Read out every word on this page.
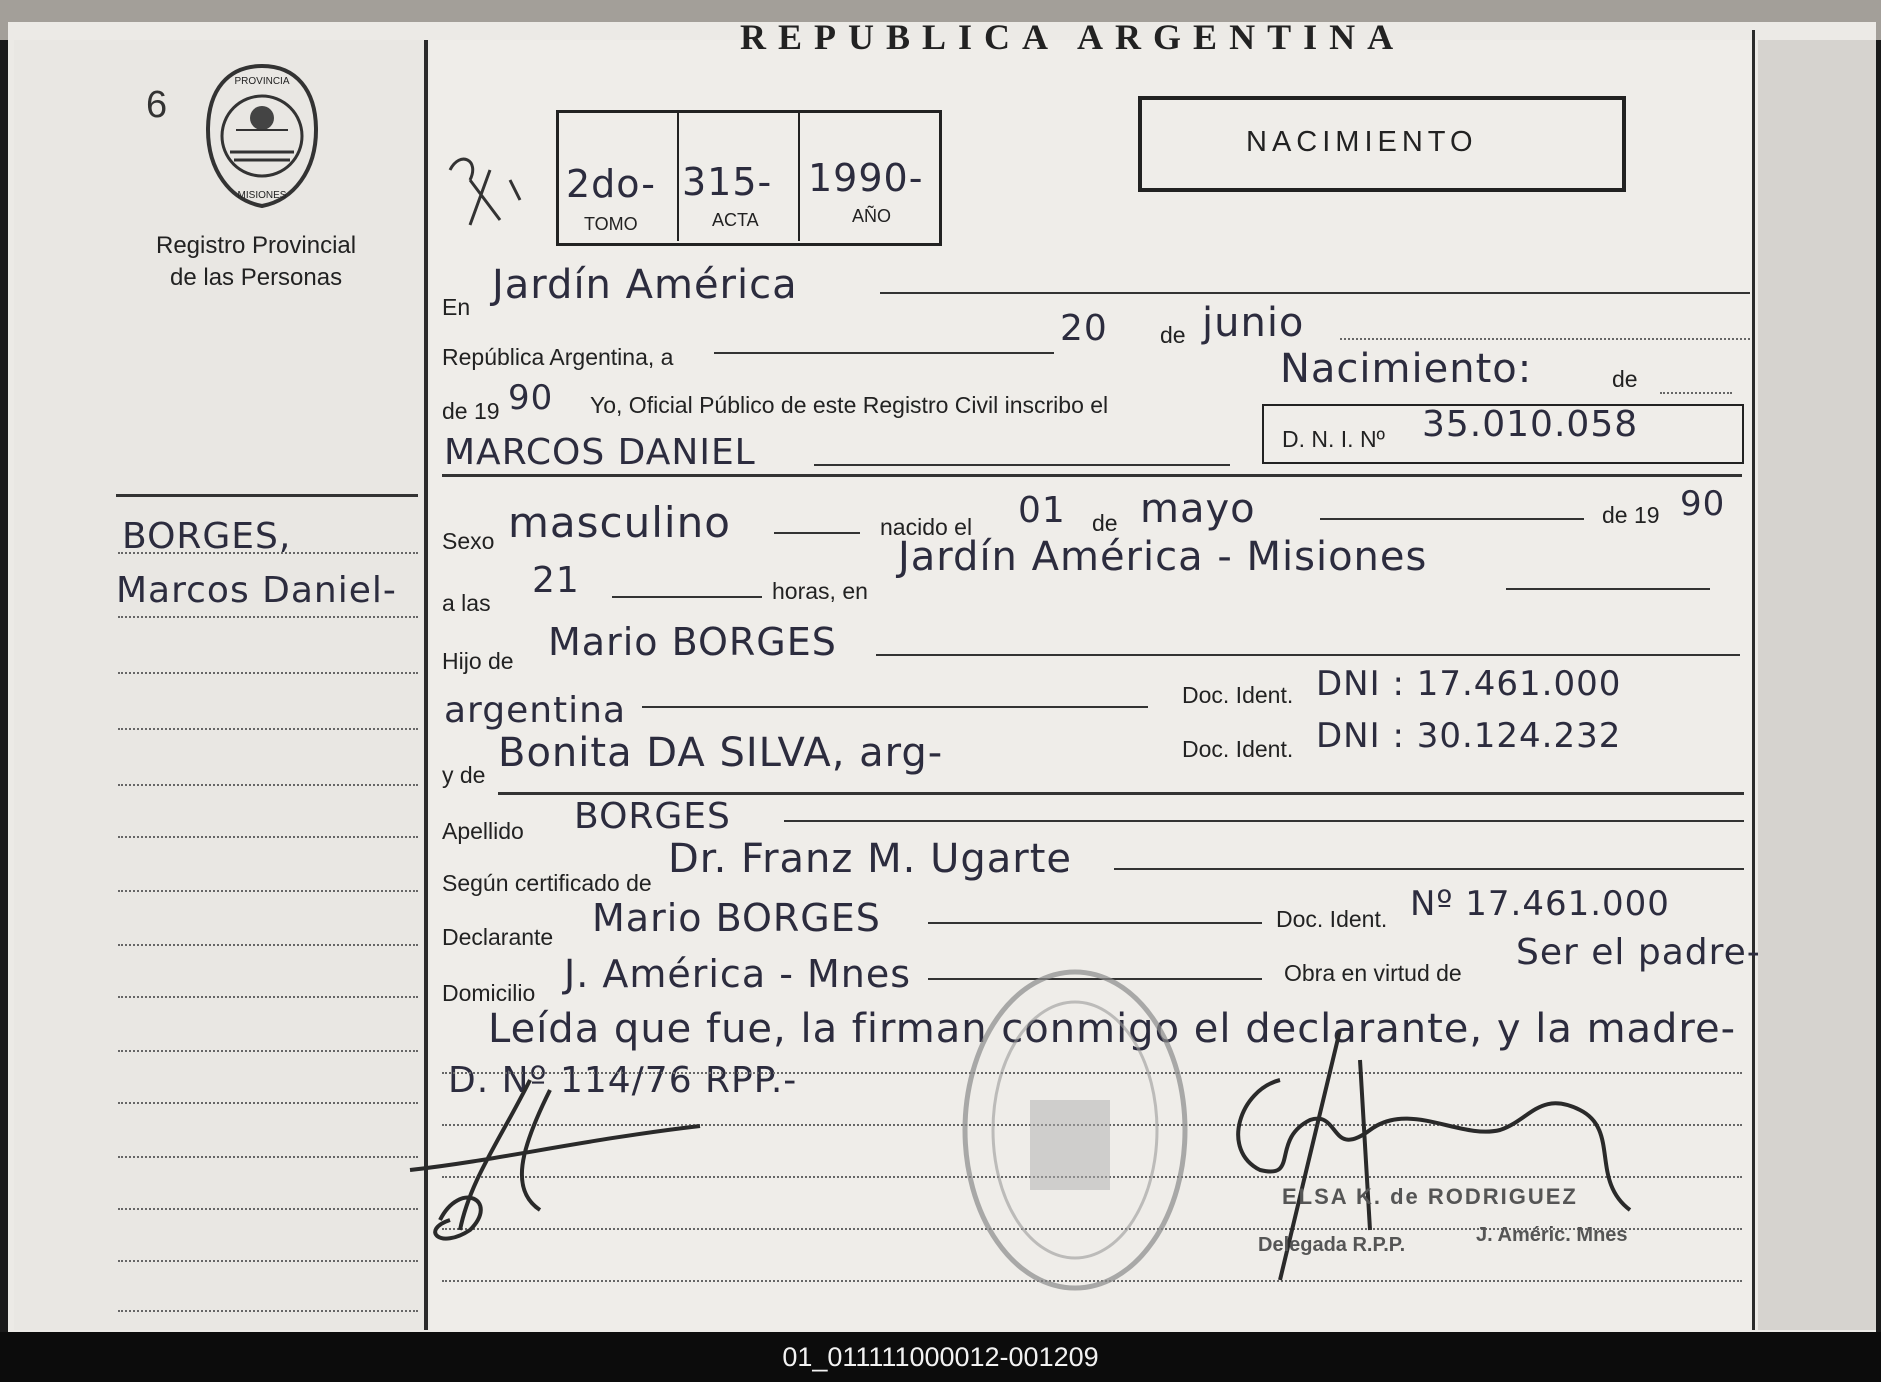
REPUBLICA ARGENTINA
6
PROVINCIA
MISIONES
Registro Provincial
de las Personas
2do- 315- 1990-
TOMO	ACTA	AÑO
NACIMIENTO
En Jardín América
República Argentina, a
20 de junio
de 19 90 Yo, Oficial Público de este Registro Civil inscribo el
Nacimiento:	de
MARCOS DANIEL	D. N. I. Nº 35.010.058
Sexo masculino	nacido el 01 de mayo	de 19 90
BORGES,
Marcos Daniel- a las
21	horas, en
Jardín América - Misiones
Hijo de Mario BORGES
argentina	Doc. Ident. DNI : 17.461.000
y de Bonita DA SILVA, arg-	Doc. Ident. DNI : 30.124.232
Apellido BORGES
Según certificado de
Dr. Franz M. Ugarte
Declarante Mario BORGES	Doc. Ident. Nº 17.461.000
Domicilio J. América - Mnes	Obra en virtud de Ser el padre-
Leída que fue, la firman conmigo el declarante, y la madre-
D. Nº 114/76 RPP.-
ELSA K. de RODRIGUEZ
Delegada R.P.P.	J. Améric. Mnes
01_011111000012-001209
